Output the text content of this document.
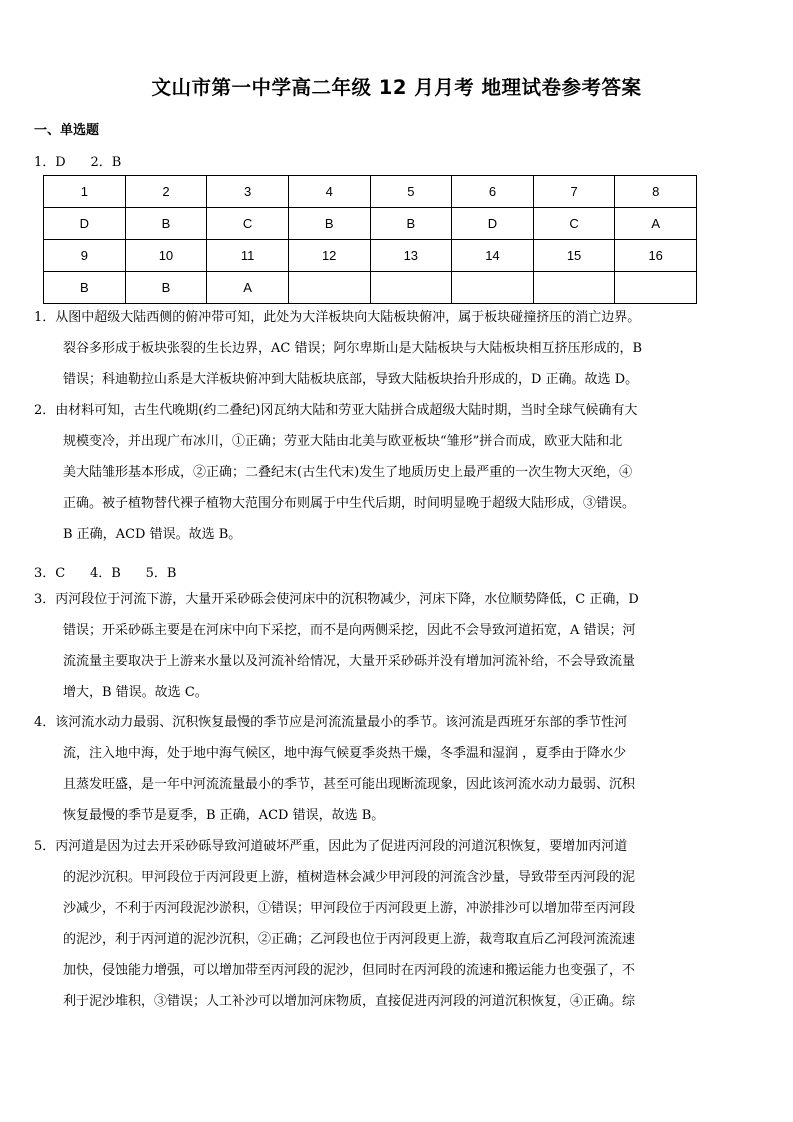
文山市第一中学高二年级 12 月月考 地理试卷参考答案
一、单选题
1．D      2．B
1	2	3	4	5	6	7	8
D	B	C	B	B	D	C	A
9	10	11	12	13	14	15	16
B	B	A					
1．从图中超级大陆西侧的俯冲带可知，此处为大洋板块向大陆板块俯冲，属于板块碰撞挤压的消亡边界。
裂谷多形成于板块张裂的生长边界，AC 错误；阿尔卑斯山是大陆板块与大陆板块相互挤压形成的，B
错误；科迪勒拉山系是大洋板块俯冲到大陆板块底部，导致大陆板块抬升形成的，D 正确。故选 D。
2．由材料可知，古生代晚期(约二叠纪)冈瓦纳大陆和劳亚大陆拼合成超级大陆时期，当时全球气候确有大
规模变冷，并出现广布冰川，①正确；劳亚大陆由北美与欧亚板块“雏形”拼合而成，欧亚大陆和北
美大陆雏形基本形成，②正确；二叠纪末(古生代末)发生了地质历史上最严重的一次生物大灭绝，④
正确。被子植物替代裸子植物大范围分布则属于中生代后期，时间明显晚于超级大陆形成，③错误。
B 正确，ACD 错误。故选 B。
3．C      4．B      5．B
3．丙河段位于河流下游，大量开采砂砾会使河床中的沉积物减少，河床下降，水位顺势降低，C 正确，D
错误；开采砂砾主要是在河床中向下采挖，而不是向两侧采挖，因此不会导致河道拓宽，A 错误；河
流流量主要取决于上游来水量以及河流补给情况，大量开采砂砾并没有增加河流补给，不会导致流量
增大，B 错误。故选 C。
4．该河流水动力最弱、沉积恢复最慢的季节应是河流流量最小的季节。该河流是西班牙东部的季节性河
流，注入地中海，处于地中海气候区，地中海气候夏季炎热干燥，冬季温和湿润 ，夏季由于降水少
且蒸发旺盛，是一年中河流流量最小的季节，甚至可能出现断流现象，因此该河流水动力最弱、沉积
恢复最慢的季节是夏季，B 正确，ACD 错误，故选 B。
5．丙河道是因为过去开采砂砾导致河道破坏严重，因此为了促进丙河段的河道沉积恢复，要增加丙河道
的泥沙沉积。甲河段位于丙河段更上游，植树造林会减少甲河段的河流含沙量，导致带至丙河段的泥
沙减少，不利于丙河段泥沙淤积，①错误；甲河段位于丙河段更上游，冲淤排沙可以增加带至丙河段
的泥沙，利于丙河道的泥沙沉积，②正确；乙河段也位于丙河段更上游，裁弯取直后乙河段河流流速
加快，侵蚀能力增强，可以增加带至丙河段的泥沙，但同时在丙河段的流速和搬运能力也变强了，不
利于泥沙堆积，③错误；人工补沙可以增加河床物质，直接促进丙河段的河道沉积恢复，④正确。综
